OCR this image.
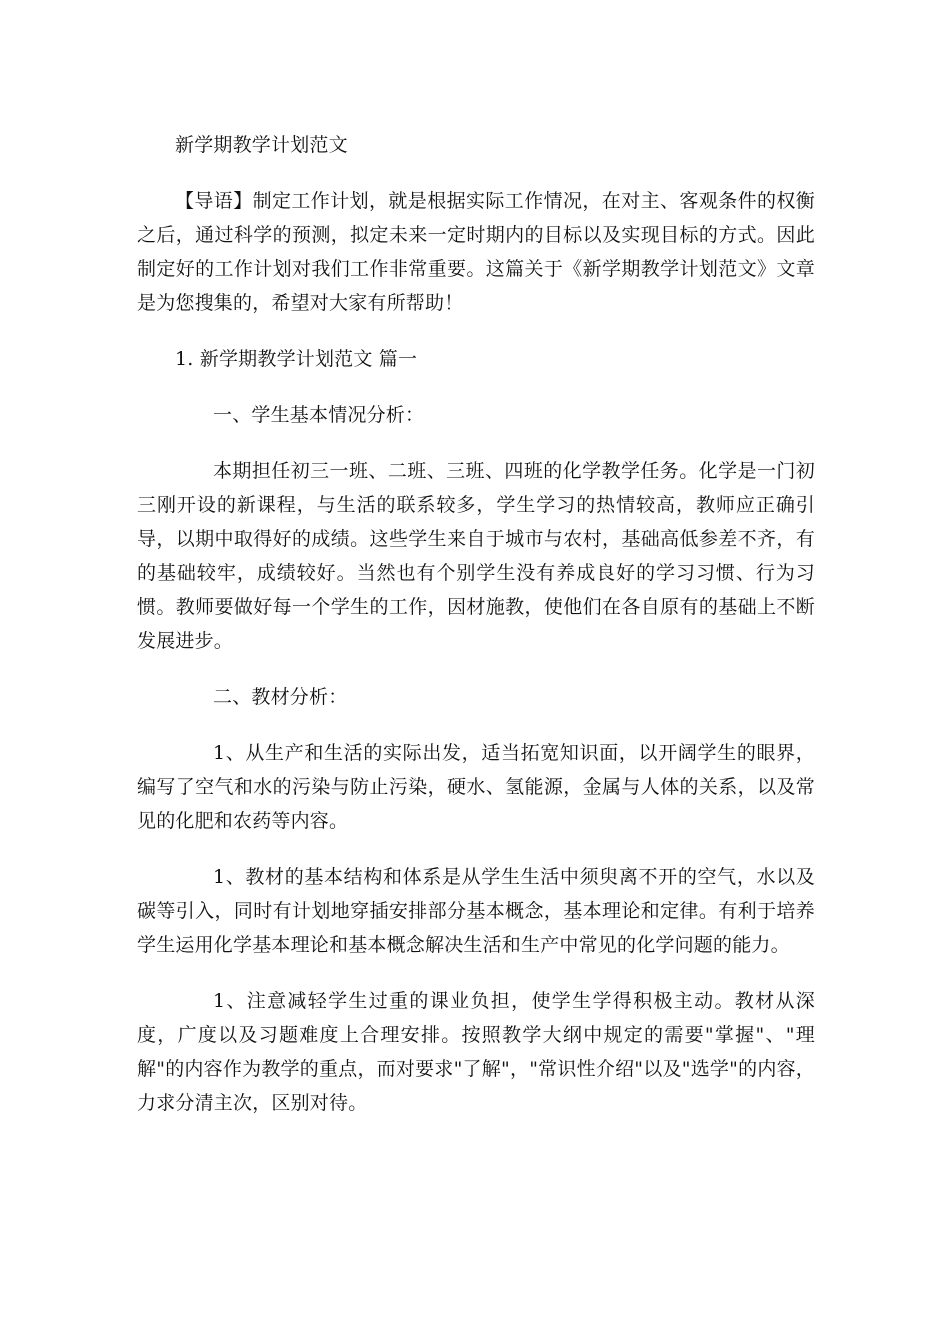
新学期教学计划范文

【导语】制定工作计划，就是根据实际工作情况，在对主、客观条件的权衡之后，通过科学的预测，拟定未来一定时期内的目标以及实现目标的方式。因此制定好的工作计划对我们工作非常重要。这篇关于《新学期教学计划范文》文章是为您搜集的，希望对大家有所帮助！

1. 新学期教学计划范文 篇一

一、学生基本情况分析：

本期担任初三一班、二班、三班、四班的化学教学任务。化学是一门初三刚开设的新课程，与生活的联系较多，学生学习的热情较高，教师应正确引导，以期中取得好的成绩。这些学生来自于城市与农村，基础高低参差不齐，有的基础较牢，成绩较好。当然也有个别学生没有养成良好的学习习惯、行为习惯。教师要做好每一个学生的工作，因材施教，使他们在各自原有的基础上不断发展进步。

二、教材分析：

1、从生产和生活的实际出发，适当拓宽知识面，以开阔学生的眼界，编写了空气和水的污染与防止污染，硬水、氢能源，金属与人体的关系，以及常见的化肥和农药等内容。

1、教材的基本结构和体系是从学生生活中须臾离不开的空气，水以及碳等引入，同时有计划地穿插安排部分基本概念，基本理论和定律。有利于培养学生运用化学基本理论和基本概念解决生活和生产中常见的化学问题的能力。

1、注意减轻学生过重的课业负担，使学生学得积极主动。教材从深度，广度以及习题难度上合理安排。按照教学大纲中规定的需要"掌握"、"理解"的内容作为教学的重点，而对要求"了解"，"常识性介绍"以及"选学"的内容，力求分清主次，区别对待。
